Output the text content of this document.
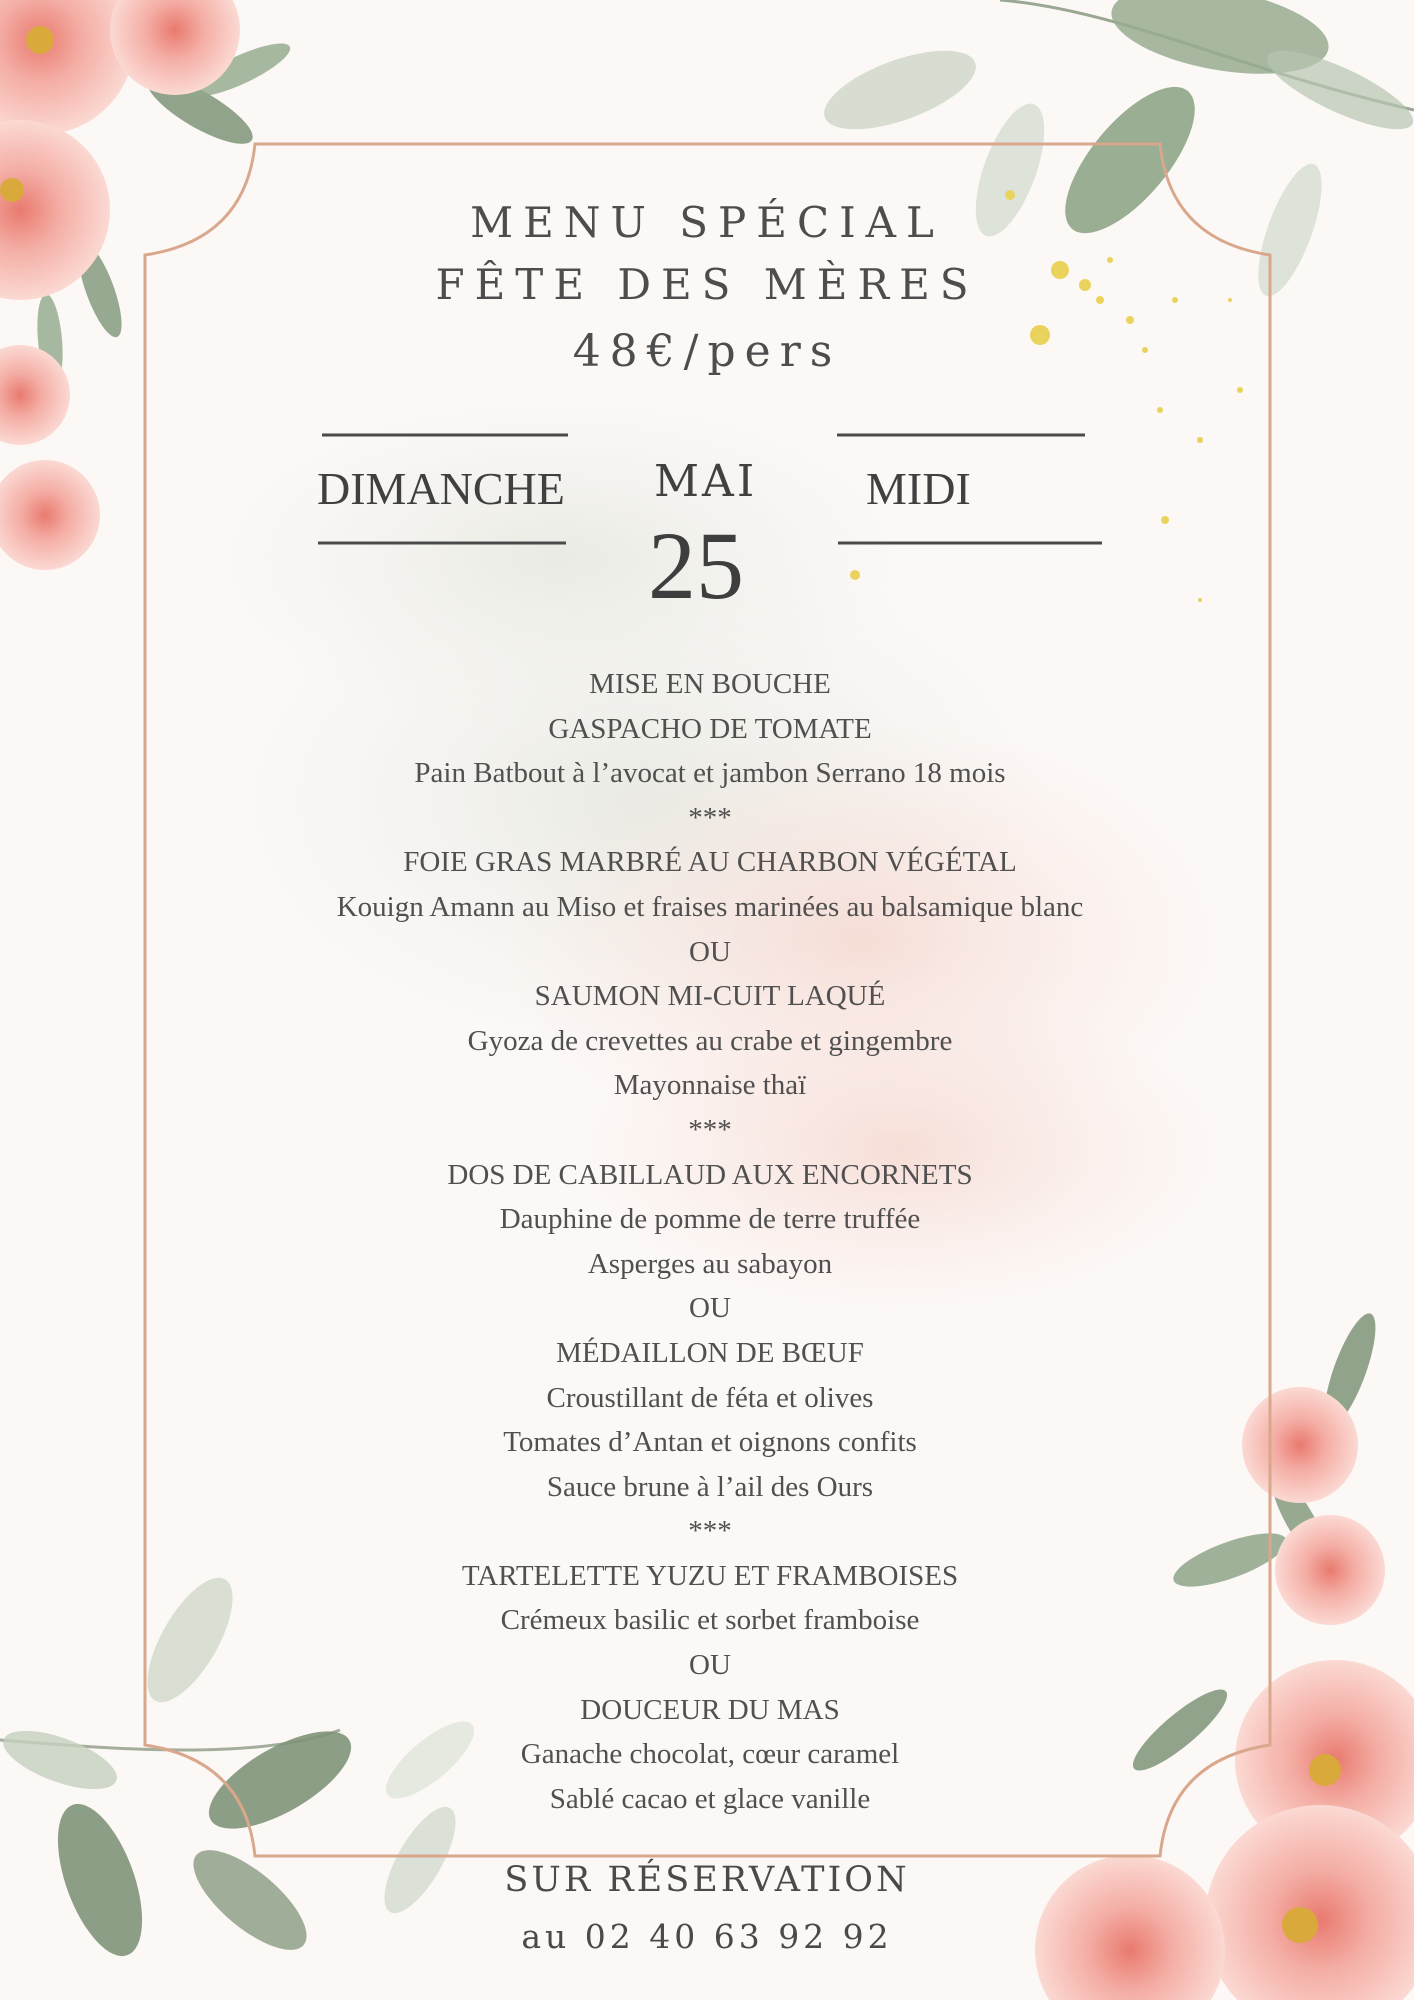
MENU SPÉCIAL
FÊTE DES MÈRES
48€/pers
DIMANCHE MAI
25
MIDI
MISE EN BOUCHE
GASPACHO DE TOMATE
Pain Batbout à l’avocat et jambon Serrano 18 mois
***
FOIE GRAS MARBRÉ AU CHARBON VÉGÉTAL
Kouign Amann au Miso et fraises marinées au balsamique blanc
OU
SAUMON MI-CUIT LAQUÉ
Gyoza de crevettes au crabe et gingembre
Mayonnaise thaï
***
DOS DE CABILLAUD AUX ENCORNETS
Dauphine de pomme de terre truffée
Asperges au sabayon
OU
MÉDAILLON DE BŒUF
Croustillant de féta et olives
Tomates d’Antan et oignons confits
Sauce brune à l’ail des Ours
***
TARTELETTE YUZU ET FRAMBOISES
Crémeux basilic et sorbet framboise
OU
DOUCEUR DU MAS
Ganache chocolat, cœur caramel
Sablé cacao et glace vanille
SUR RÉSERVATION
au 02 40 63 92 92
